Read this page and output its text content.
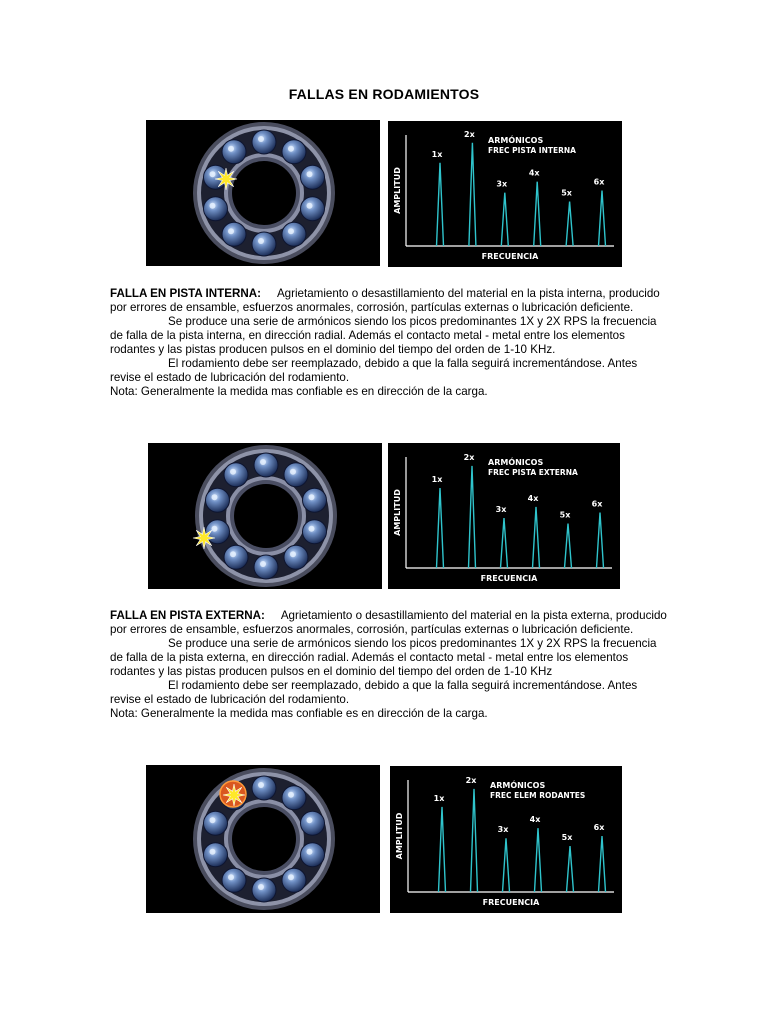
FALLAS EN RODAMIENTOS
AMPLITUD
FRECUENCIA
ARMÓNICOS
FREC PISTA INTERNA
1x
2x
3x
4x
5x
6x

FALLA EN PISTA INTERNA: Agrietamiento o desastillamiento del material en la pista interna, producido por errores de ensamble, esfuerzos anormales, corrosión, partículas externas o lubricación deficiente.

Se produce una serie de armónicos siendo los picos predominantes 1X y 2X RPS la frecuencia de falla de la pista interna, en dirección radial. Además el contacto metal - metal entre los elementos rodantes y las pistas producen pulsos en el dominio del tiempo del orden de 1-10 KHz.

El rodamiento debe ser reemplazado, debido a que la falla seguirá incrementándose. Antes revise el estado de lubricación del rodamiento.

Nota: Generalmente la medida mas confiable es en dirección de la carga.

AMPLITUD
FRECUENCIA
ARMÓNICOS
FREC PISTA EXTERNA
1x
2x
3x
4x
5x
6x

FALLA EN PISTA EXTERNA: Agrietamiento o desastillamiento del material en la pista externa, producido por errores de ensamble, esfuerzos anormales, corrosión, partículas externas o lubricación deficiente.

Se produce una serie de armónicos siendo los picos predominantes 1X y 2X RPS la frecuencia de falla de la pista externa, en dirección radial. Además el contacto metal - metal entre los elementos rodantes y las pistas producen pulsos en el dominio del tiempo del orden de 1-10 KHz

El rodamiento debe ser reemplazado, debido a que la falla seguirá incrementándose. Antes revise el estado de lubricación del rodamiento.

Nota: Generalmente la medida mas confiable es en dirección de la carga.

AMPLITUD
FRECUENCIA
ARMÓNICOS
FREC ELEM RODANTES
1x
2x
3x
4x
5x
6x
